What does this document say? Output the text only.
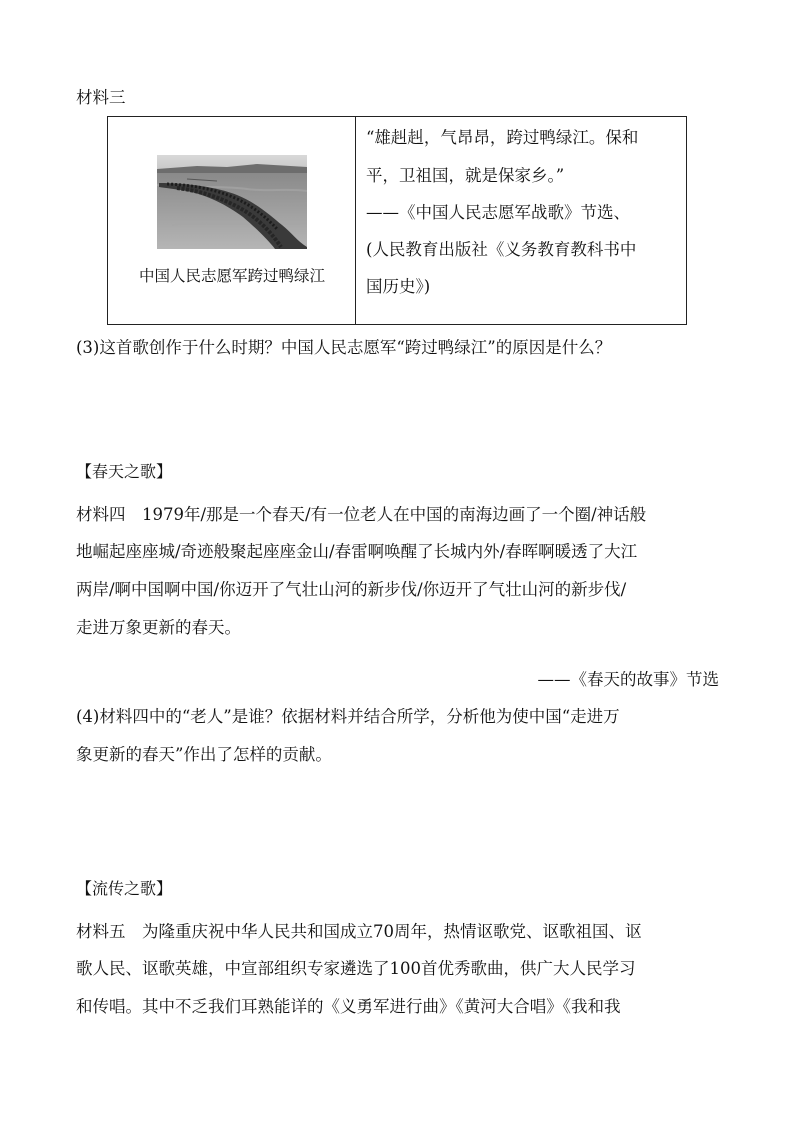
材料三
中国人民志愿军跨过鸭绿江
“雄赳赳，气昂昂，跨过鸭绿江。保和
平，卫祖国，就是保家乡。”
——《中国人民志愿军战歌》节选、
(人民教育出版社《义务教育教科书中
国历史》)
(3)这首歌创作于什么时期？中国人民志愿军“跨过鸭绿江”的原因是什么？
【春天之歌】
材料四　1979年/那是一个春天/有一位老人在中国的南海边画了一个圈/神话般
地崛起座座城/奇迹般聚起座座金山/春雷啊唤醒了长城内外/春晖啊暖透了大江
两岸/啊中国啊中国/你迈开了气壮山河的新步伐/你迈开了气壮山河的新步伐/
走进万象更新的春天。
——《春天的故事》节选
(4)材料四中的“老人”是谁？依据材料并结合所学，分析他为使中国“走进万
象更新的春天”作出了怎样的贡献。
【流传之歌】
材料五　为隆重庆祝中华人民共和国成立70周年，热情讴歌党、讴歌祖国、讴
歌人民、讴歌英雄，中宣部组织专家遴选了100首优秀歌曲，供广大人民学习
和传唱。其中不乏我们耳熟能详的《义勇军进行曲》《黄河大合唱》《我和我
